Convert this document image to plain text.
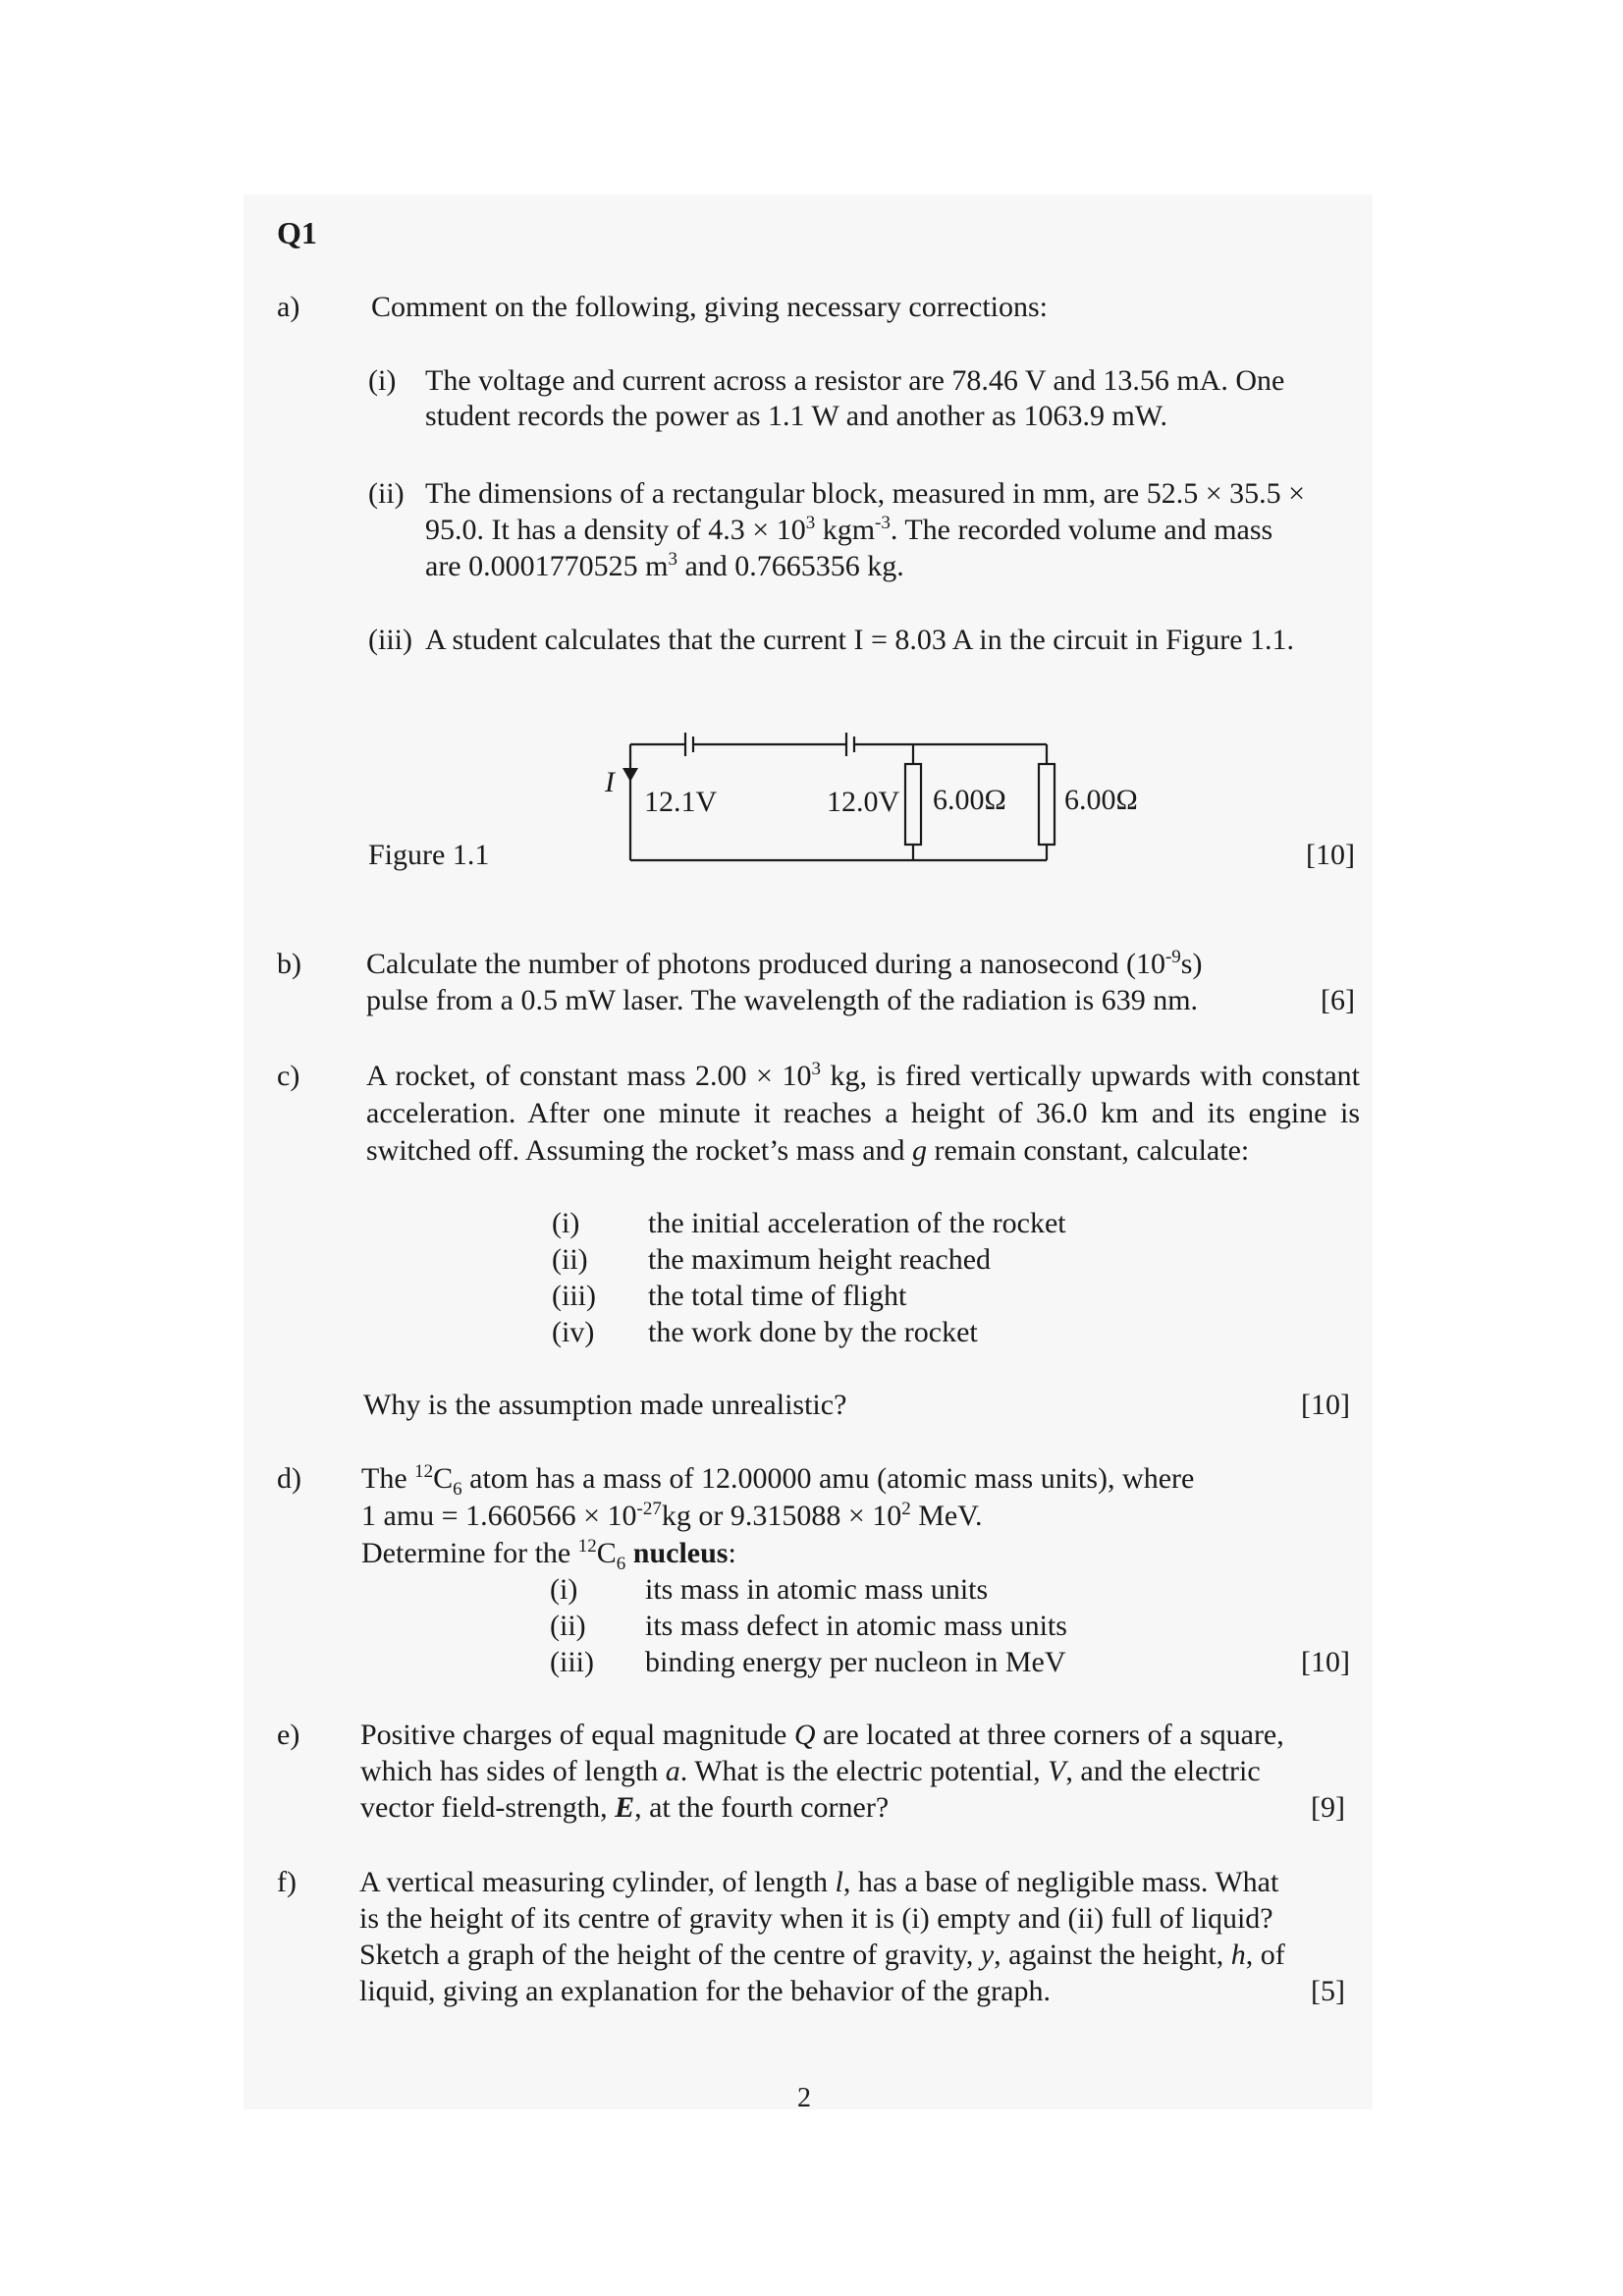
Q1
a) Comment on the following, giving necessary corrections:
(i) The voltage and current across a resistor are 78.46 V and 13.56 mA. One
student records the power as 1.1 W and another as 1063.9 mW.
(ii) The dimensions of a rectangular block, measured in mm, are 52.5 × 35.5 ×
95.0. It has a density of $4.3 \times 10^3$ kgm$^{-3}$. The recorded volume and mass
are 0.0001770525 $m^3$ and 0.7665356 kg.
(iii) A student calculates that the current I = 8.03 A in the circuit in Figure 1.1.
I
12.1V	12.0V 6.00Ω 6.00Ω
Figure 1.1	[10]
b) Calculate the number of photons produced during a nanosecond $(10^{-9}s)$
pulse from a 0.5 mW laser. The wavelength of the radiation is 639 nm.	[6]
c) A rocket, of constant mass $2.00 \times 10^3$ kg, is fired vertically upwards with constant acceleration. After one minute it reaches a height of 36.0 km and its engine is switched off. Assuming the rocket’s mass and g remain constant, calculate:
(i) the initial acceleration of the rocket
(ii) the maximum height reached
(iii) the total time of flight
(iv) the work done by the rocket
Why is the assumption made unrealistic?	[10]
d) The $^{12}C_6$ atom has a mass of 12.00000 amu (atomic mass units), where
1 amu = $1.660566 \times 10^{-27}kg$ or $9.315088 \times 10^2$ MeV.
Determine for the $^{12}C_6$ nucleus:
(i) its mass in atomic mass units
(ii) its mass defect in atomic mass units
(iii) binding energy per nucleon in MeV	[10]
e) Positive charges of equal magnitude Q are located at three corners of a square,
which has sides of length a. What is the electric potential, V, and the electric
vector field-strength, E, at the fourth corner?	[9]
f) A vertical measuring cylinder, of length l, has a base of negligible mass. What
is the height of its centre of gravity when it is (i) empty and (ii) full of liquid?
Sketch a graph of the height of the centre of gravity, y, against the height, h, of
liquid, giving an explanation for the behavior of the graph.	[5]
2
